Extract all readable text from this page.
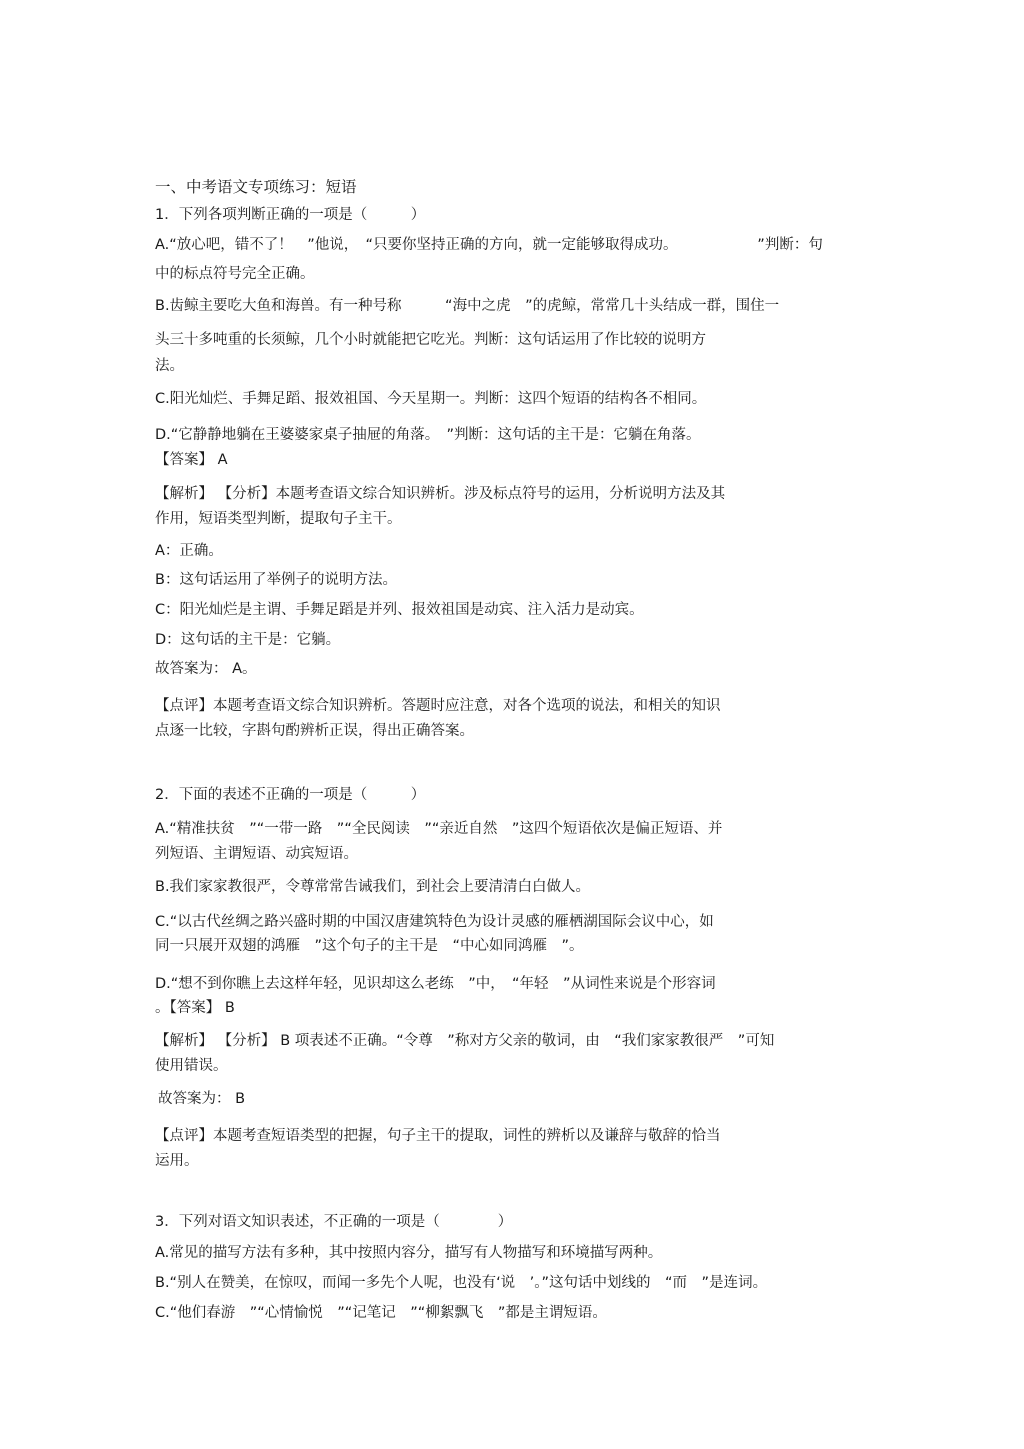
一、中考语文专项练习：短语
1．下列各项判断正确的一项是（　　　）
A.“放心吧，错不了！　”他说，　“只要你坚持正确的方向，就一定能够取得成功。　　　　　　”判断：句
中的标点符号完全正确。
B.齿鲸主要吃大鱼和海兽。有一种号称　　　“海中之虎　”的虎鲸，常常几十头结成一群，围住一
头三十多吨重的长须鲸，几个小时就能把它吃光。判断：这句话运用了作比较的说明方
法。
C.阳光灿烂、手舞足蹈、报效祖国、今天星期一。判断：这四个短语的结构各不相同。
D.“它静静地躺在王婆婆家桌子抽屉的角落。　”判断：这句话的主干是：它躺在角落。
【答案】 A
【解析】 【分析】本题考查语文综合知识辨析。涉及标点符号的运用，分析说明方法及其
作用，短语类型判断，提取句子主干。
A：正确。
B：这句话运用了举例子的说明方法。
C：阳光灿烂是主谓、手舞足蹈是并列、报效祖国是动宾、注入活力是动宾。
D：这句话的主干是：它躺。
故答案为： A。
【点评】本题考查语文综合知识辨析。答题时应注意，对各个选项的说法，和相关的知识
点逐一比较，字斟句酌辨析正误，得出正确答案。
2．下面的表述不正确的一项是（　　　）
A.“精准扶贫　”“一带一路　”“全民阅读　”“亲近自然　”这四个短语依次是偏正短语、并
列短语、主谓短语、动宾短语。
B.我们家家教很严，令尊常常告诫我们，到社会上要清清白白做人。
C.“以古代丝绸之路兴盛时期的中国汉唐建筑特色为设计灵感的雁栖湖国际会议中心，如
同一只展开双翅的鸿雁　”这个句子的主干是　“中心如同鸿雁　”。
D.“想不到你瞧上去这样年轻，见识却这么老练　”中，　“年轻　”从词性来说是个形容词
。【答案】 B
【解析】 【分析】 B 项表述不正确。“令尊　”称对方父亲的敬词，由　“我们家家教很严　”可知
使用错误。
故答案为： B
【点评】本题考查短语类型的把握，句子主干的提取，词性的辨析以及谦辞与敬辞的恰当
运用。
3．下列对语文知识表述，不正确的一项是（　　　　）
A.常见的描写方法有多种，其中按照内容分，描写有人物描写和环境描写两种。
B.“别人在赞美，在惊叹，而闻一多先个人呢，也没有‘说　’。”这句话中划线的　“而　”是连词。
C.“他们春游　”“心情愉悦　”“记笔记　”“柳絮飘飞　”都是主谓短语。
